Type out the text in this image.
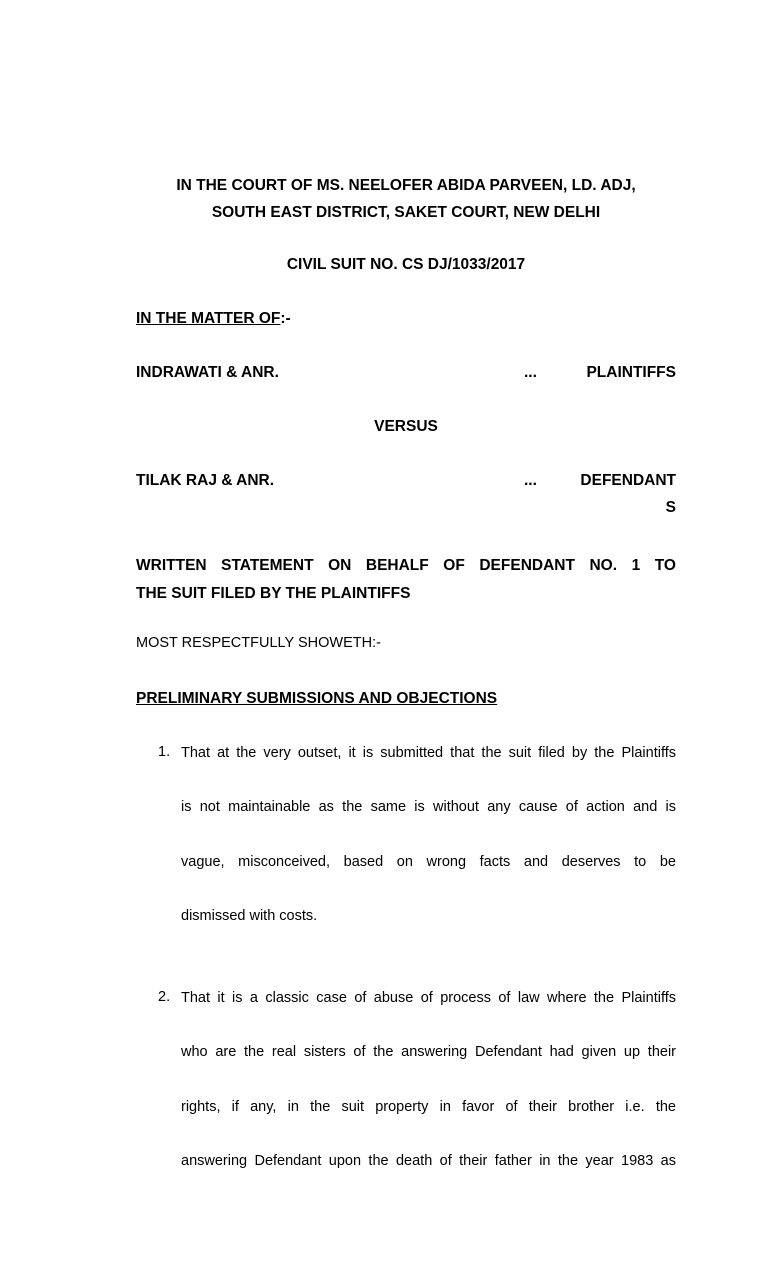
IN THE COURT OF MS. NEELOFER ABIDA PARVEEN, LD. ADJ,
SOUTH EAST DISTRICT, SAKET COURT, NEW DELHI
CIVIL SUIT NO. CS DJ/1033/2017
IN THE MATTER OF:-
INDRAWATI & ANR.	...	PLAINTIFFS
VERSUS
TILAK RAJ & ANR.	...	DEFENDANT
S
WRITTEN STATEMENT ON BEHALF OF DEFENDANT NO. 1 TO
THE SUIT FILED BY THE PLAINTIFFS
MOST RESPECTFULLY SHOWETH:-
PRELIMINARY SUBMISSIONS AND OBJECTIONS
1. That at the very outset, it is submitted that the suit filed by the Plaintiffs
is not maintainable as the same is without any cause of action and is
vague, misconceived, based on wrong facts and deserves to be
dismissed with costs.
2. That it is a classic case of abuse of process of law where the Plaintiffs
who are the real sisters of the answering Defendant had given up their
rights, if any, in the suit property in favor of their brother i.e. the
answering Defendant upon the death of their father in the year 1983 as
